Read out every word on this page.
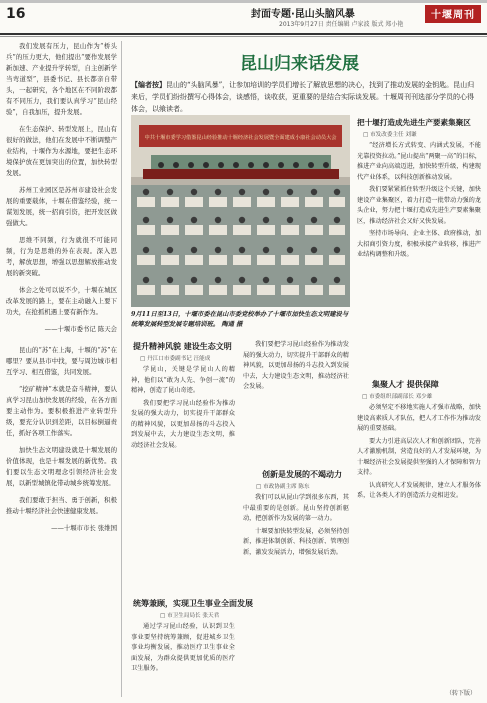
16	封面专题·昆山头脑风暴	十堰周刊
2013年9月27日 责任编辑 卢家波 版式 郑小艳

我们发展有压力，昆山作为“桥头兵”的压力更大，他们提出“要作发展学新加速、产业提升学转型，自主创新学当弯道型”，县委书记、县长都亲自带头，一起研究，各个地区在不同阶段都有不同压力，我们要认真学习“昆山经验”，自我加压，提升发展。

在生态保护、转型发展上，昆山有很好的做法，他们在发展中不断调整产业结构，十堰作为水源地，要把生态环境保护放在更加突出的位置，加快转型发展。

苏州工业园区是苏州市建设社会发展的重要载体，十堰在借鉴经验，统一谋划发展，统一招商引资，把开发区做强做大。

思维不同频，行为就很不可能同频，行为是思维的外在表现。深入思考，解放思想，增强以思想解放推动发展的新突破。

体会之处可以说不少，十堰在城区改革发展的路上，要在主动融入上要下功夫，在抢抓机遇上要有新作为。

——十堰市委书记 陈天会

昆山的“苏”在上海，十堰的“苏”在哪里？要从县市中找，要与周边城市相互学习、相互借鉴，共同发展。

“挖矿精神”本就是奋斗精神，要认真学习昆山加快发展的经验，在各方面要主动作为。要积极推进产业转型升级，要充分认识到差距，以目标倒逼责任，抓好各项工作落实。

加快生态文明建设就是十堰发展的价值体现，也是十堰发展的新优势。我们要以生态文明理念引领经济社会发展，以新型城镇化带动城乡统筹发展。

我们要敢于担当、勇于创新，积极推动十堰经济社会快速健康发展。

——十堰市市长 张维国

昆山归来话发展
【编者按】昆山的“头脑风暴”，让参加培训的学员们增长了解放思想的决心，找到了推动发展的金钥匙。昆山归来后，学员们纷纷撰写心得体会，谈感悟，谈收获，更重要的是结合实际谈发展。十堰周刊刊选部分学员的心得体会，以飨读者。
中共十堰市委学习借鉴昆山经验推动十堰经济社会发展暨全面建成小康社会动员大会
9月11日至13日，十堰市委在昆山市委党校举办了十堰市加快生态文明建设与统筹发展转型发展专题培训班。 陶通 摄
把十堰打造成先进生产要素集聚区
□ 市发改委主任 刘谦

“经济增长方式转变、内涵式发展，不能光靠投资拉动。”昆山提出“两聚一高”的目标，推进产业向高端迈进，加快转型升级，构建现代产业体系，以科技创新推动发展。

我们要紧紧抓住转型升级这个关键，加快建设产业集聚区，着力打造一批带动力强的龙头企业，努力把十堰打造成先进生产要素集聚区，推动经济社会又好又快发展。

坚持市场导向、企业主体、政府推动，加大招商引资力度，积极承接产业转移，推进产业结构调整和升级。

集聚人才 提供保障
□ 市委组织部副部长 邓少雄

必须坚定不移地实施人才强市战略，加快建设高素质人才队伍，把人才工作作为推动发展的重要基础。

要大力引进高层次人才和创新团队，完善人才激励机制，营造良好的人才发展环境，为十堰经济社会发展提供坚强的人才保障和智力支持。

认真研究人才发展规律，建立人才服务体系，让各类人才的创造活力竞相迸发。

提升精神风貌 建设生态文明
□ 丹江口市委副书记 汪能成

学昆山，关键是学昆山人的精神，他们以“敢为人先、争创一流”的精神，创造了昆山奇迹。

我们要把学习昆山经验作为推动发展的强大动力，切实提升干部群众的精神风貌，以更加昂扬的斗志投入到发展中去，大力建设生态文明，推动经济社会发展。

创新是发展的不竭动力
□ 市政协副主席 陈东

我们要把学习昆山经验作为推动发展的强大动力，切实提升干部群众的精神风貌，以更加昂扬的斗志投入到发展中去，大力建设生态文明，推动经济社会发展。

我们可以从昆山学到很多东西，其中最重要的是创新。昆山坚持创新驱动，把创新作为发展的第一动力。

十堰要加快转型发展，必须坚持创新，推进体制创新、科技创新、管理创新，激发发展活力，增强发展后劲。

统筹兼顾，实现卫生事业全面发展
□ 市卫生局局长 张天君

通过学习昆山经验，认识到卫生事业要坚持统筹兼顾，促进城乡卫生事业均衡发展，推动医疗卫生事业全面发展，为群众提供更加优质的医疗卫生服务。

（转下版）
